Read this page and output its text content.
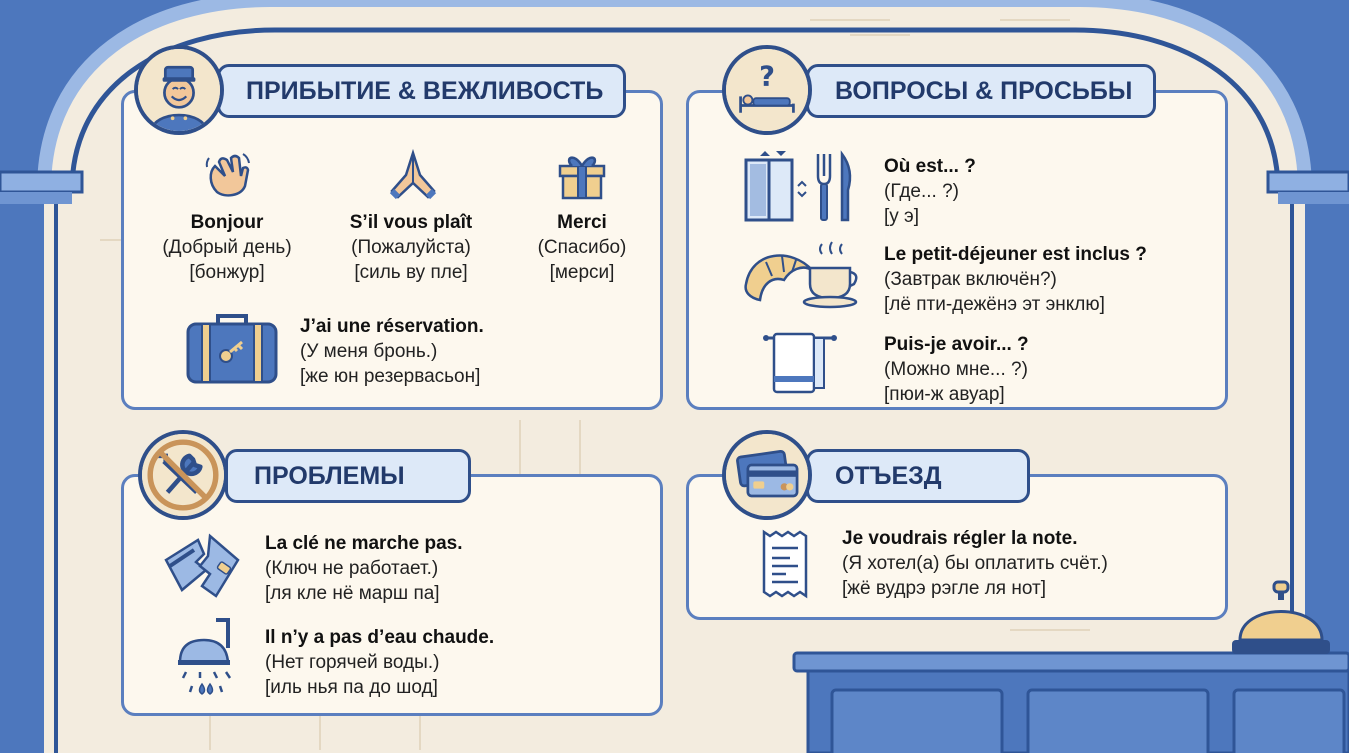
ПРИБЫТИЕ & ВЕЖЛИВОСТЬ
Bonjour
(Добрый день)
[бонжур]
S’il vous plaît
(Пожалуйста)
[силь ву пле]
Merci
(Спасибо)
[мерси]
J’ai une réservation.
(У меня бронь.)
[же юн резервасьон]
ВОПРОСЫ & ПРОСЬБЫ
?
Où est... ?
(Где... ?)
[у э]
Le petit-déjeuner est inclus ?
(Завтрак включён?)
[лё пти-дежёнэ эт энклю]
Puis-je avoir... ?
(Можно мне... ?)
[пюи-ж авуар]
ПРОБЛЕМЫ
La clé ne marche pas.
(Ключ не работает.)
[ля кле нё марш па]
Il n’y a pas d’eau chaude.
(Нет горячей воды.)
[иль нья па до шод]
ОТЪЕЗД
Je voudrais régler la note.
(Я хотел(а) бы оплатить счёт.)
[жё вудрэ рэгле ля нот]
